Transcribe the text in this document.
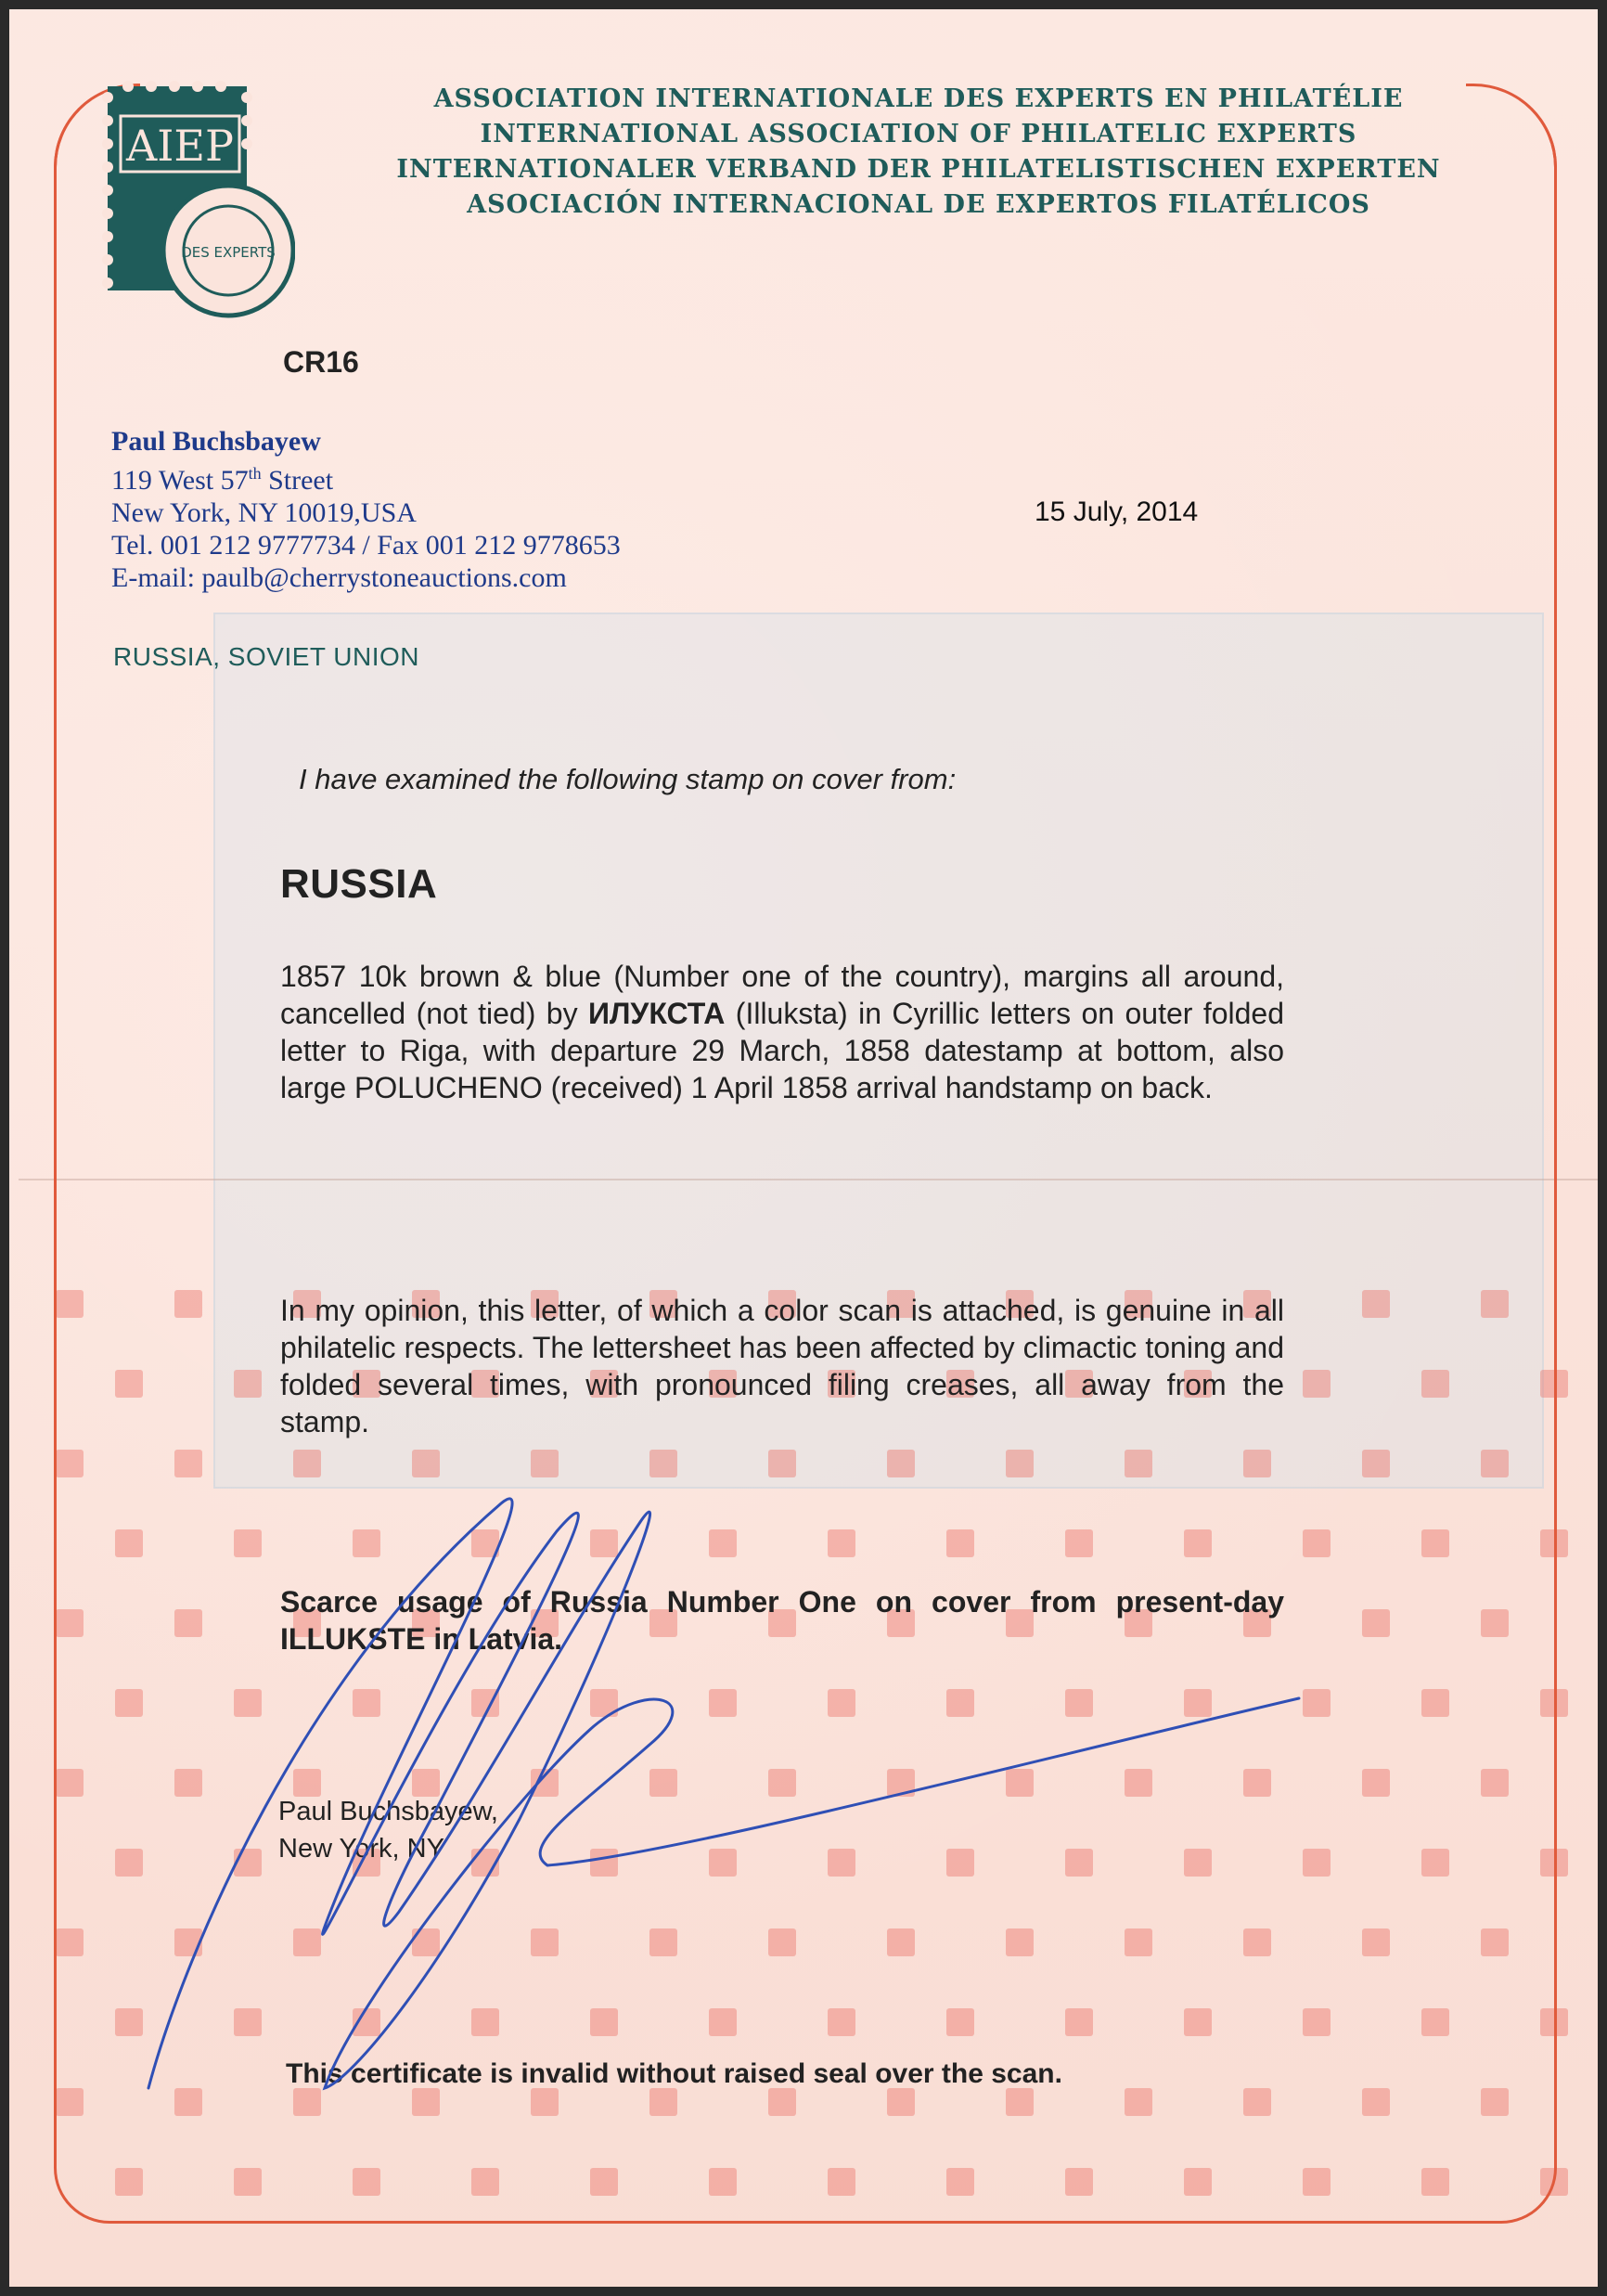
AIEP
DES EXPERTS
ASSOCIATION INTERNATIONALE DES EXPERTS EN PHILATÉLIE
INTERNATIONAL ASSOCIATION OF PHILATELIC EXPERTS
INTERNATIONALER VERBAND DER PHILATELISTISCHEN EXPERTEN
ASOCIACIÓN INTERNACIONAL DE EXPERTOS FILATÉLICOS
CR16
Paul Buchsbayew
119 West 57th Street
New York, NY 10019,USA
Tel. 001 212 9777734 / Fax 001 212 9778653
E-mail: paulb@cherrystoneauctions.com
15 July, 2014
RUSSIA, SOVIET UNION
I have examined the following stamp on cover from:
RUSSIA
1857 10k brown & blue (Number one of the country), margins all around, cancelled (not tied) by ИЛУКСТА (Illuksta) in Cyrillic letters on outer folded letter to Riga, with departure 29 March, 1858 datestamp at bottom, also large POLUCHENO (received) 1 April 1858 arrival handstamp on back.
In my opinion, this letter, of which a color scan is attached, is genuine in all philatelic respects. The lettersheet has been affected by climactic toning and folded several times, with pronounced filing creases, all away from the stamp.
Scarce usage of Russia Number One on cover from present-day ILLUKSTE in Latvia.
Paul Buchsbayew,
New York, NY
This certificate is invalid without raised seal over the scan.
